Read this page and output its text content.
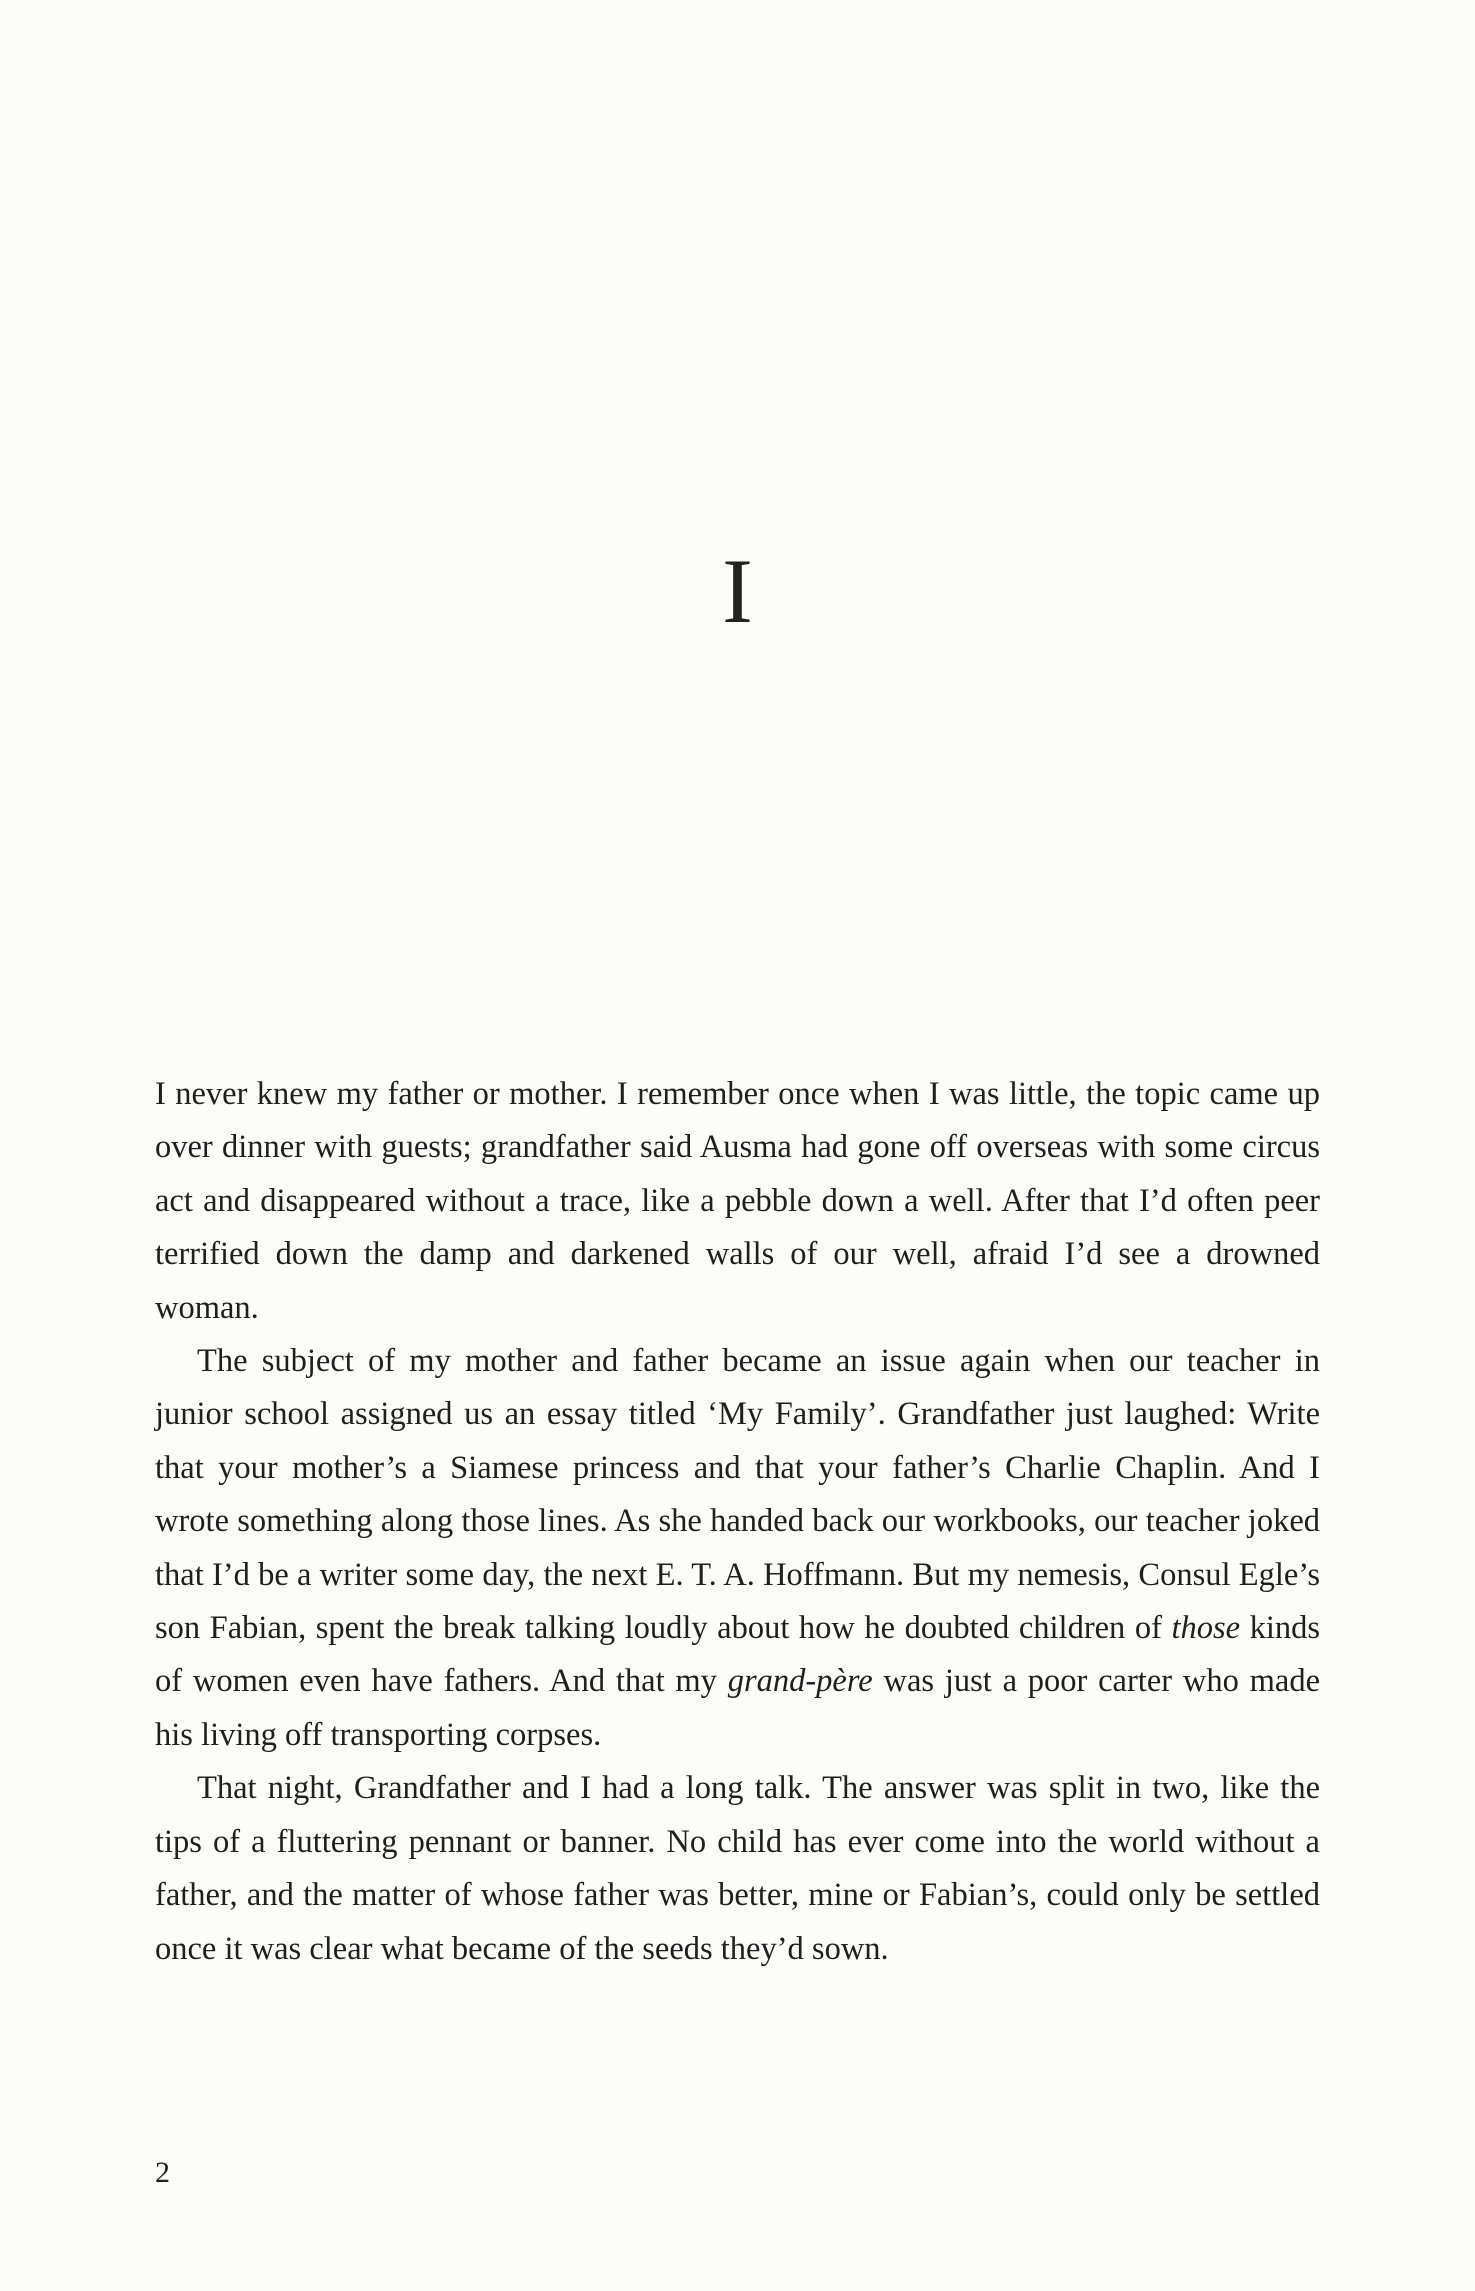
I

I never knew my father or mother. I remember once when I was little, the topic came up over dinner with guests; grandfather said Ausma had gone off overseas with some circus act and disappeared without a trace, like a pebble down a well. After that I’d often peer terrified down the damp and darkened walls of our well, afraid I’d see a drowned woman.

The subject of my mother and father became an issue again when our teacher in junior school assigned us an essay titled ‘My Family’. Grandfather just laughed: Write that your mother’s a Siamese princess and that your father’s Charlie Chaplin. And I wrote something along those lines. As she handed back our workbooks, our teacher joked that I’d be a writer some day, the next E. T. A. Hoffmann. But my nemesis, Consul Egle’s son Fabian, spent the break talking loudly about how he doubted children of those kinds of women even have fathers. And that my grand-père was just a poor carter who made his living off transporting corpses.

That night, Grandfather and I had a long talk. The answer was split in two, like the tips of a fluttering pennant or banner. No child has ever come into the world without a father, and the matter of whose father was better, mine or Fabian’s, could only be settled once it was clear what became of the seeds they’d sown.

2
